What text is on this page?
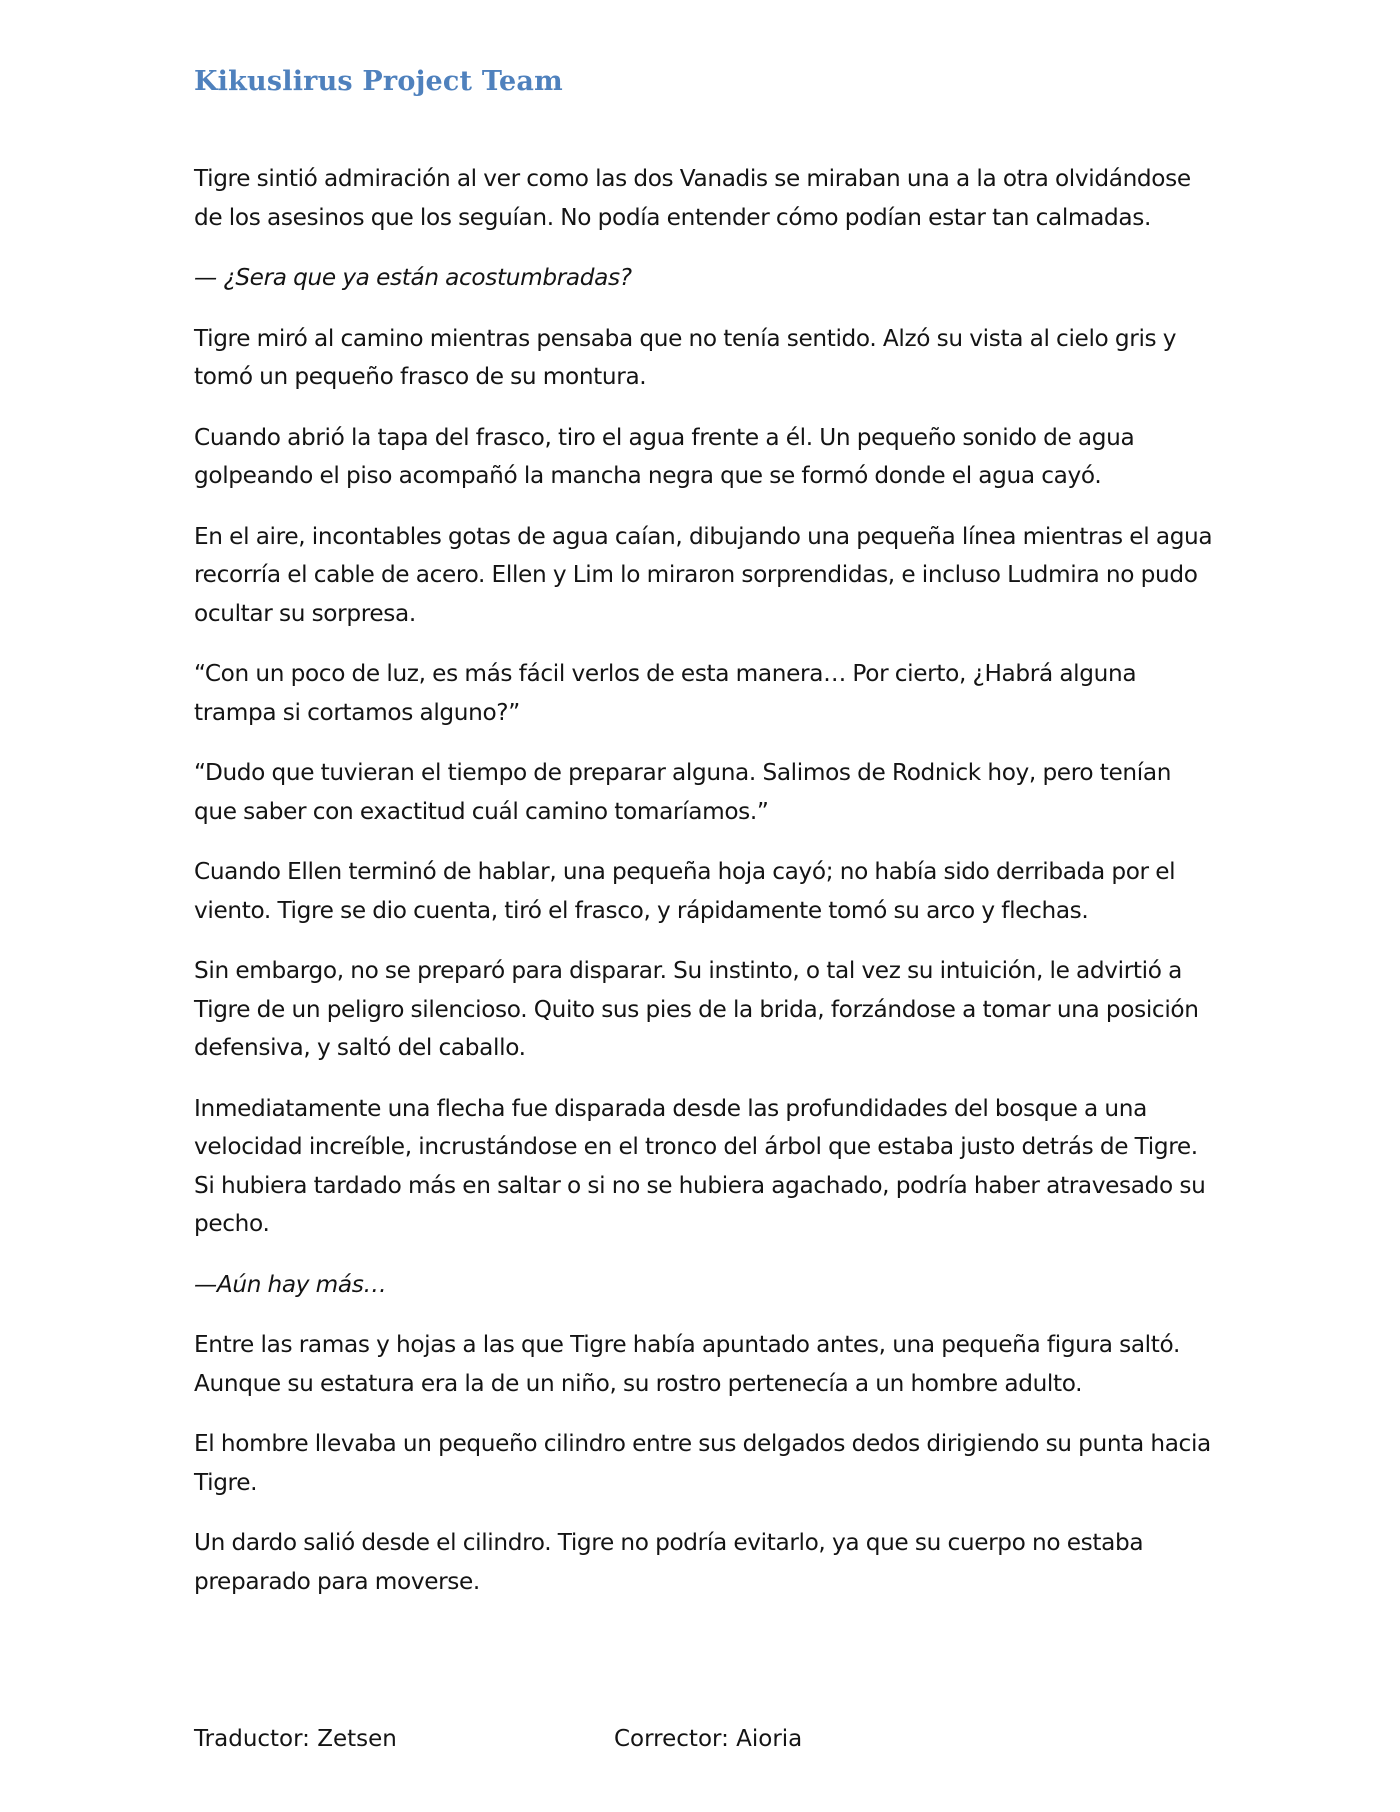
Kikuslirus Project Team

Tigre sintió admiración al ver como las dos Vanadis se miraban una a la otra olvidándose de los asesinos que los seguían. No podía entender cómo podían estar tan calmadas.

— ¿Sera que ya están acostumbradas?

Tigre miró al camino mientras pensaba que no tenía sentido. Alzó su vista al cielo gris y tomó un pequeño frasco de su montura.

Cuando abrió la tapa del frasco, tiro el agua frente a él. Un pequeño sonido de agua golpeando el piso acompañó la mancha negra que se formó donde el agua cayó.

En el aire, incontables gotas de agua caían, dibujando una pequeña línea mientras el agua recorría el cable de acero. Ellen y Lim lo miraron sorprendidas, e incluso Ludmira no pudo ocultar su sorpresa.

“Con un poco de luz, es más fácil verlos de esta manera… Por cierto, ¿Habrá alguna trampa si cortamos alguno?”

“Dudo que tuvieran el tiempo de preparar alguna. Salimos de Rodnick hoy, pero tenían que saber con exactitud cuál camino tomaríamos.”

Cuando Ellen terminó de hablar, una pequeña hoja cayó; no había sido derribada por el viento. Tigre se dio cuenta, tiró el frasco, y rápidamente tomó su arco y flechas.

Sin embargo, no se preparó para disparar. Su instinto, o tal vez su intuición, le advirtió a Tigre de un peligro silencioso. Quito sus pies de la brida, forzándose a tomar una posición defensiva, y saltó del caballo.

Inmediatamente una flecha fue disparada desde las profundidades del bosque a una velocidad increíble, incrustándose en el tronco del árbol que estaba justo detrás de Tigre. Si hubiera tardado más en saltar o si no se hubiera agachado, podría haber atravesado su pecho.

—Aún hay más…

Entre las ramas y hojas a las que Tigre había apuntado antes, una pequeña figura saltó. Aunque su estatura era la de un niño, su rostro pertenecía a un hombre adulto.

El hombre llevaba un pequeño cilindro entre sus delgados dedos dirigiendo su punta hacia Tigre.

Un dardo salió desde el cilindro. Tigre no podría evitarlo, ya que su cuerpo no estaba preparado para moverse.

Traductor: Zetsen	Corrector: Aioria
